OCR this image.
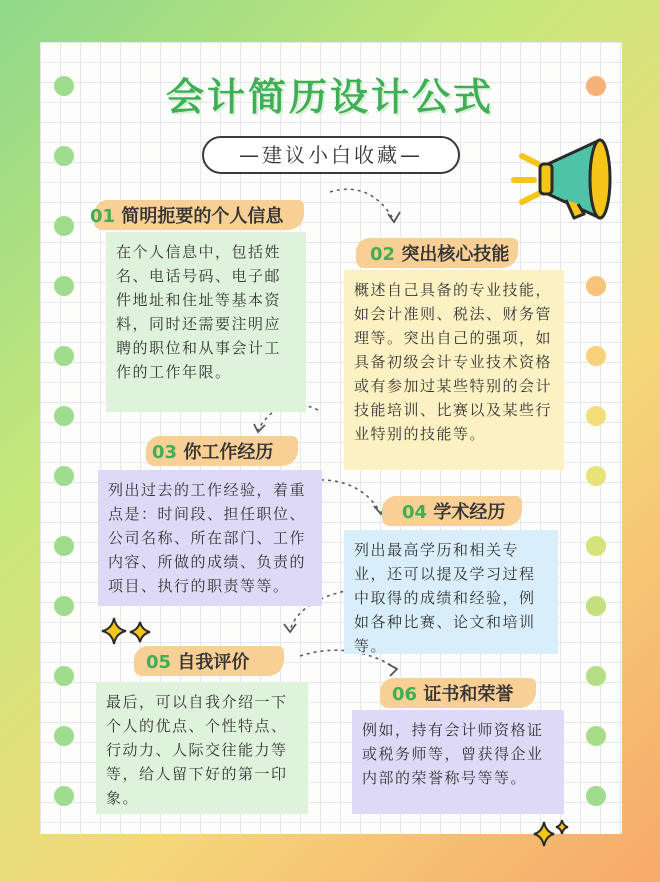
会计简历设计公式
—建议小白收藏—
01 简明扼要的个人信息
在个人信息中，包括姓名、电话号码、电子邮件地址和住址等基本资料，同时还需要注明应聘的职位和从事会计工作的工作年限。
02 突出核心技能
概述自己具备的专业技能，如会计准则、税法、财务管理等。突出自己的强项，如具备初级会计专业技术资格或有参加过某些特别的会计技能培训、比赛以及某些行业特别的技能等。
03 你工作经历
列出过去的工作经验，着重点是：时间段、担任职位、公司名称、所在部门、工作内容、所做的成绩、负责的项目、执行的职责等等。
04 学术经历
列出最高学历和相关专业，还可以提及学习过程中取得的成绩和经验，例如各种比赛、论文和培训等。
05 自我评价
最后，可以自我介绍一下个人的优点、个性特点、行动力、人际交往能力等等，给人留下好的第一印象。
06 证书和荣誉
例如，持有会计师资格证或税务师等，曾获得企业内部的荣誉称号等等。
